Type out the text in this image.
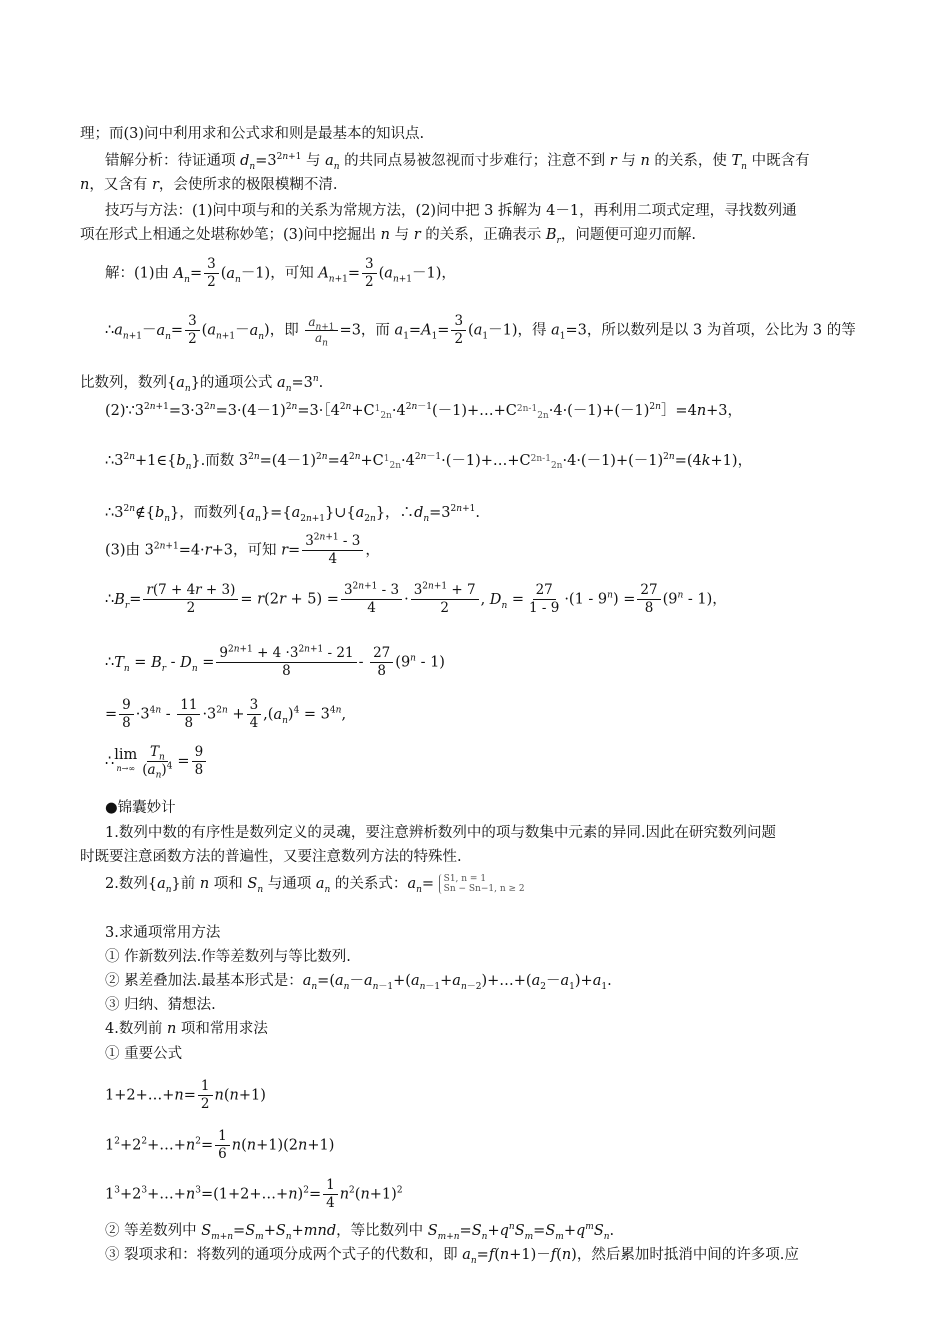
理；而(3)问中利用求和公式求和则是最基本的知识点.
错解分析：待证通项 $d_n=3^{2n+1}$ 与 $a_n$ 的共同点易被忽视而寸步难行；注意不到 r 与 n 的关系，使 $T_n$ 中既含有
n，又含有 r，会使所求的极限模糊不清.
技巧与方法：(1)问中项与和的关系为常规方法，(2)问中把 3 拆解为 4－1，再利用二项式定理，寻找数列通
项在形式上相通之处堪称妙笔；(3)问中挖掘出 n 与 r 的关系，正确表示 $B_r$，问题便可迎刃而解.
解：(1)由 $A_n= \frac{3}{2} (a_n-1)$，可知 $A_{n+1}= \frac{3}{2} (a_{n+1}-1)$，
$\therefore a_{n+1}-a_n= \frac{3}{2} (a_{n+1}-a_n)$，即 $\frac{a_{n+1}}{a_n} =3$，而 $a_1=A_1= \frac{3}{2} (a_1-1)$，得 $a_1=3$，所以数列是以 3 为首项，公比为 3 的等
比数列，数列$\{a_n\}$的通项公式 $a_n=3^n$.
$(2)\because 3^{2n+1}=3\cdot 3^{2n}=3\cdot(4-1)^{2n}=3\cdot[4^{2n}+C^1_{2n}\cdot 4^{2n-1}(-1)+\dots+C^{2n-1}_{2n}\cdot 4\cdot(-1)+(-1)^{2n}]=4n+3$，
$\therefore 3^{2n}+1\in\{b_n\}$.而数 $3^{2n}=(4-1)^{2n}=4^{2n}+C^1_{2n}\cdot 4^{2n-1}\cdot(-1)+\dots+C^{2n-1}_{2n}\cdot 4\cdot(-1)+(-1)^{2n}=(4k+1)$，
$\therefore 3^{2n}\notin\{b_n\}$，而数列$\{a_n\}=\{a_{2n+1}\}\cup\{a_{2n}\}$，$\therefore d_n=3^{2n+1}$.
(3)由 $3^{2n+1}=4\cdot r+3$，可知 $r= \frac{3^{2n+1} - 3}{4}$ ，
$\therefore B_r= \frac{r(7 + 4r + 3)}{2} = r(2r + 5) = \frac{3^{2n+1} - 3}{4} \cdot \frac{3^{2n+1} + 7}{2}$ , $D_n = \frac{27}{1 - 9} \cdot(1 - 9^n) = \frac{27}{8} (9^n - 1)$，
$\therefore T_n = B_r - D_n = \frac{9^{2n+1} + 4 \cdot 3^{2n+1} - 21}{8} - \frac{27}{8} (9^n - 1)$
= $\frac{9}{8} \cdot 3^{4n} - \frac{11}{8} \cdot 3^{2n} + \frac{3}{4} ,(a_n)^4 = 3^{4n}$,
∴ lim
$n\to\infty \frac{T_n}{(a_n)^4} = \frac{9}{8}$
●锦囊妙计
1.数列中数的有序性是数列定义的灵魂，要注意辨析数列中的项与数集中元素的异同.因此在研究数列问题
时既要注意函数方法的普遍性，又要注意数列方法的特殊性.
2.数列$\{a_n\}$前 n 项和 $S_n$ 与通项 $a_n$ 的关系式：$a_n= S1$, n = 1
Sn − Sn−1, n ≥ 2
3.求通项常用方法
① 作新数列法.作等差数列与等比数列.
② 累差叠加法.最基本形式是：$a_n=(a_n-a_{n-1}+(a_{n-1}+a_{n-2})+\dots+(a_2-a_1)+a_1$.
③ 归纳、猜想法.
4.数列前 n 项和常用求法
① 重要公式
1+2+…+n= $\frac{1}{2} n(n+1)$
$1^2+2^2+\dots+n^2= \frac{1}{6} n(n+1)(2n+1)$
$1^3+2^3+\dots+n^3=(1+2+\dots+n)^2= \frac{1}{4} n^2(n+1)^2$
② 等差数列中 $S_{m+n}=S_m+S_n+mnd$，等比数列中 $S_{m+n}=S_n+q^nS_m=S_m+q^mS_n$.
③ 裂项求和：将数列的通项分成两个式子的代数和，即 $a_n=f(n+1)-f(n)$，然后累加时抵消中间的许多项.应
